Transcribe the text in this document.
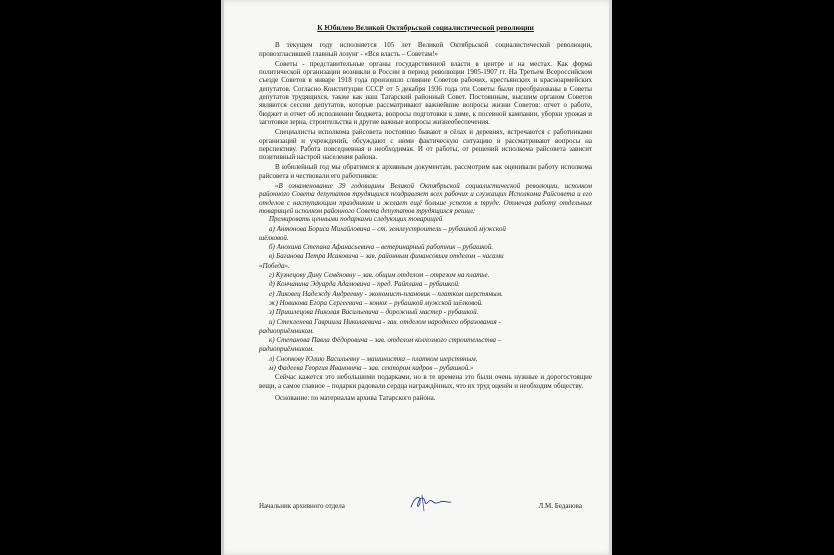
К Юбилею Великой Октябрьской социалистической революции

В текущем году исполняется 105 лет Великой Октябрьской социалистической революции, провозгласившей главный лозунг - «Вся власть – Советам!»

Советы - представительные органы государственной власти в центре и на местах. Как форма политической организации возникли в России в период революции 1905-1907 гг. На Третьем Всероссийском съезде Советов в январе 1918 года произошло слияние Советов рабочих, крестьянских и красноармейских депутатов. Согласно Конституции СССР от 5 декабря 1936 года эти Советы были преобразованы в Советы депутатов трудящихся, также как наш Татарский районный Совет. Постоянным, высшим органом Советов являются сессии депутатов, которые рассматривают важнейшие вопросы жизни Советов: отчет о работе, бюджет и отчет об исполнении бюджета, вопросы подготовки к зиме, к посевной кампании, уборки урожая и заготовки зерна, строительства и другие важные вопросы жизнеобеспечения.

Специалисты исполкома райсовета постоянно бывают в сёлах и деревнях, встречаются с работниками организаций и учреждений, обсуждают с ними фактическую ситуацию и рассматривают вопросы на перспективу. Работа повседневная и необходимая. И от работы, от решений исполкома райсовета зависит позитивный настрой населения района.

В юбилейный год мы обратимся к архивным документам, рассмотрим как оценивали работу исполкома райсовета и чествовали его работников:

«В ознаменование 39 годовщины Великой Октябрьской социалистической революции, исполком районного Совета депутатов трудящихся поздравляет всех рабочих и служащих Исполкома Райсовета и его отделов с наступающим праздником и желает ещё больше успехов в труде. Отмечая работу отдельных товарищей исполком районного Совета депутатов трудящихся решил:

Премировать ценными подарками следующих товарищей

а) Антонова Бориса Михайловича – ст. землеустроитель – рубашкой мужской

шёлковой.

б) Анохина Степана Афанасьевича – ветеринарный работник – рубашкой.

в) Баганова Петра Исаковича – зав. районным финансовым отделом – часами

«Победа».

г) Кузнецову Дину Семёновну – зав. общим отделом – отрезом на платье.

д) Кончанина Эдуарда Адамовича – пред. Райплана – рубашкой.

е) Ликовец Надежду Андреевну - экономист-плановик – платком шерстяным.

ж) Новикова Егора Сергеевича – конюх – рубашкой мужской шёлковой.

з) Пришлецова Николая Васильевича – дорожный мастер - рубашкой.

и) Стекленева Гавриила Николаевича - зав. отделом народного образования -

радиоприёмником.

к) Степанова Павла Фёдоровича – зав. отделом колхозного строительства –

радиоприёмником.

л) Снопкову Юлию Васильевну – машинистка – платком шерстяным.

м) Фадеева Георгия Ивановича – зав. сектором кадров – рубашкой.»

Сейчас кажется это небольшими подарками, но в те времена это были очень нужные и дорогостоящие вещи, а самое главное – подарки радовали сердца награждённых, что их труд оценён и необходим обществу.

Основание: по материалам архива Татарского района.

Начальник архивного отдела	Л.М. Беданова
